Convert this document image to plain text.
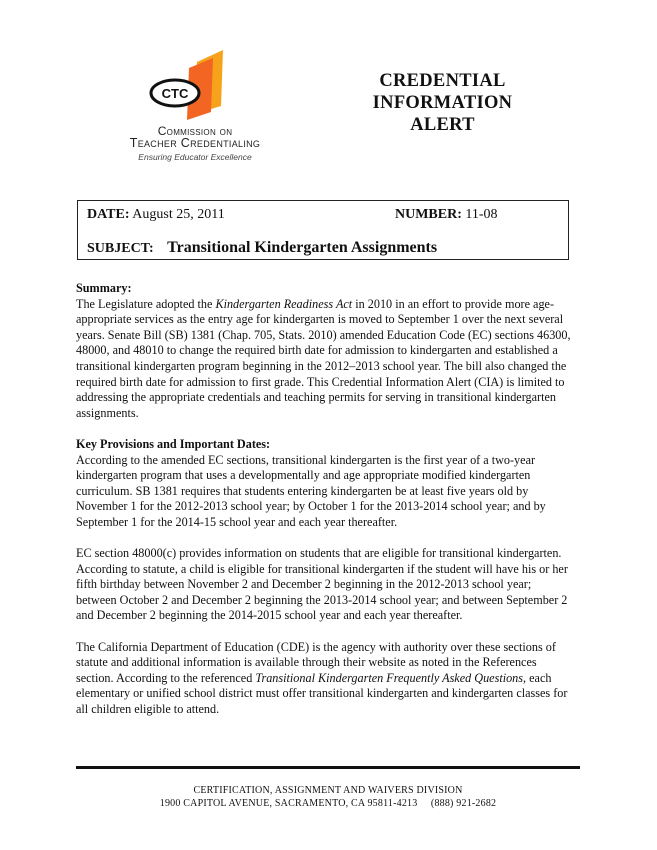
CTC
Commission on
Teacher Credentialing
Ensuring Educator Excellence
CREDENTIAL
INFORMATION
ALERT
DATE: August 25, 2011	NUMBER: 11-08
SUBJECT: Transitional Kindergarten Assignments
Summary:

The Legislature adopted the Kindergarten Readiness Act in 2010 in an effort to provide more age-appropriate services as the entry age for kindergarten is moved to September 1 over the next several years. Senate Bill (SB) 1381 (Chap. 705, Stats. 2010) amended Education Code (EC) sections 46300, 48000, and 48010 to change the required birth date for admission to kindergarten and established a transitional kindergarten program beginning in the 2012–2013 school year. The bill also changed the required birth date for admission to first grade. This Credential Information Alert (CIA) is limited to addressing the appropriate credentials and teaching permits for serving in transitional kindergarten assignments.

Key Provisions and Important Dates:

According to the amended EC sections, transitional kindergarten is the first year of a two-year kindergarten program that uses a developmentally and age appropriate modified kindergarten curriculum. SB 1381 requires that students entering kindergarten be at least five years old by November 1 for the 2012-2013 school year; by October 1 for the 2013-2014 school year; and by September 1 for the 2014-15 school year and each year thereafter.

EC section 48000(c) provides information on students that are eligible for transitional kindergarten. According to statute, a child is eligible for transitional kindergarten if the student will have his or her fifth birthday between November 2 and December 2 beginning in the 2012-2013 school year; between October 2 and December 2 beginning the 2013-2014 school year; and between September 2 and December 2 beginning the 2014-2015 school year and each year thereafter.

The California Department of Education (CDE) is the agency with authority over these sections of statute and additional information is available through their website as noted in the References section. According to the referenced Transitional Kindergarten Frequently Asked Questions, each elementary or unified school district must offer transitional kindergarten and kindergarten classes for all children eligible to attend.

CERTIFICATION, ASSIGNMENT AND WAIVERS DIVISION
1900 CAPITOL AVENUE, SACRAMENTO, CA 95811-4213     (888) 921-2682
